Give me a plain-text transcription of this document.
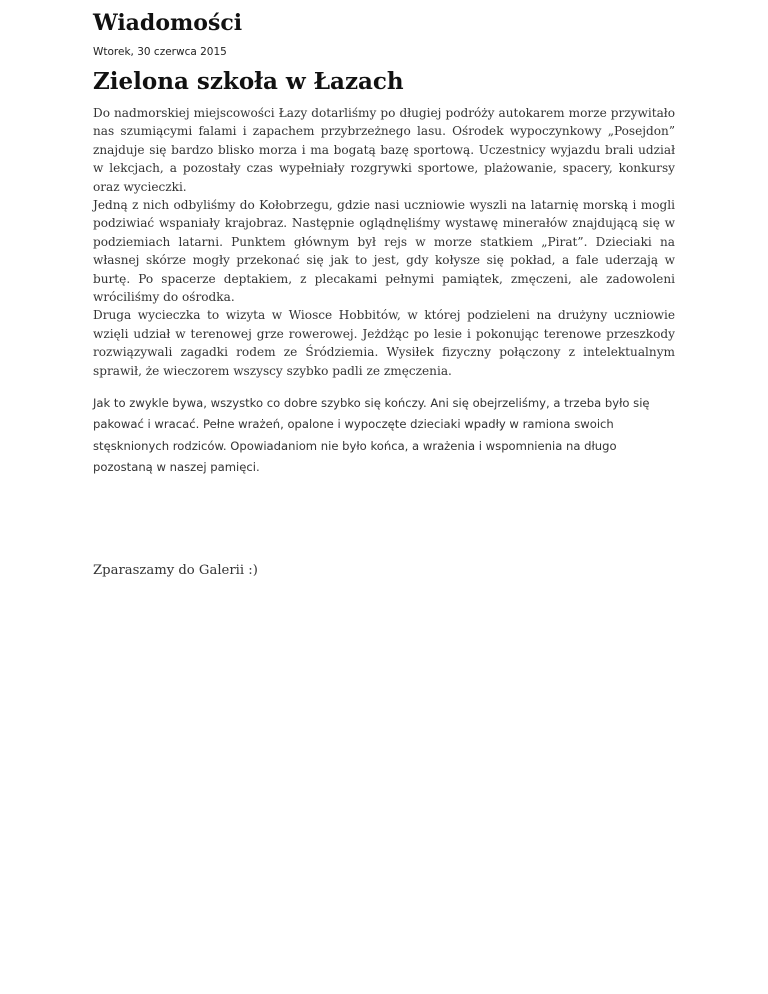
Wiadomości
Wtorek, 30 czerwca 2015
Zielona szkoła w Łazach

Do nadmorskiej miejscowości Łazy dotarliśmy po długiej podróży autokarem morze przywitało nas szumiącymi falami i zapachem przybrzeżnego lasu. Ośrodek wypoczynkowy „Posejdon” znajduje się bardzo blisko morza i ma bogatą bazę sportową. Uczestnicy wyjazdu brali udział w lekcjach, a pozostały czas wypełniały rozgrywki sportowe, plażowanie, spacery, konkursy oraz wycieczki.

Jedną z nich odbyliśmy do Kołobrzegu, gdzie nasi uczniowie wyszli na latarnię morską i mogli podziwiać wspaniały krajobraz. Następnie oglądnęliśmy wystawę minerałów znajdującą się w podziemiach latarni. Punktem głównym był rejs w morze statkiem „Pirat”. Dzieciaki na własnej skórze mogły przekonać się jak to jest, gdy kołysze się pokład, a fale uderzają w burtę. Po spacerze deptakiem, z plecakami pełnymi pamiątek, zmęczeni, ale zadowoleni wróciliśmy do ośrodka.

Druga wycieczka to wizyta w Wiosce Hobbitów, w której podzieleni na drużyny uczniowie wzięli udział w terenowej grze rowerowej. Jeżdżąc po lesie i pokonując terenowe przeszkody rozwiązywali zagadki rodem ze Śródziemia. Wysiłek fizyczny połączony z intelektualnym sprawił, że wieczorem wszyscy szybko padli ze zmęczenia.

Jak to zwykle bywa, wszystko co dobre szybko się kończy. Ani się obejrzeliśmy, a trzeba było się pakować i wracać. Pełne wrażeń, opalone i wypoczęte dzieciaki wpadły w ramiona swoich stęsknionych rodziców. Opowiadaniom nie było końca, a wrażenia i wspomnienia na długo pozostaną w naszej pamięci.
Zparaszamy do Galerii :)
